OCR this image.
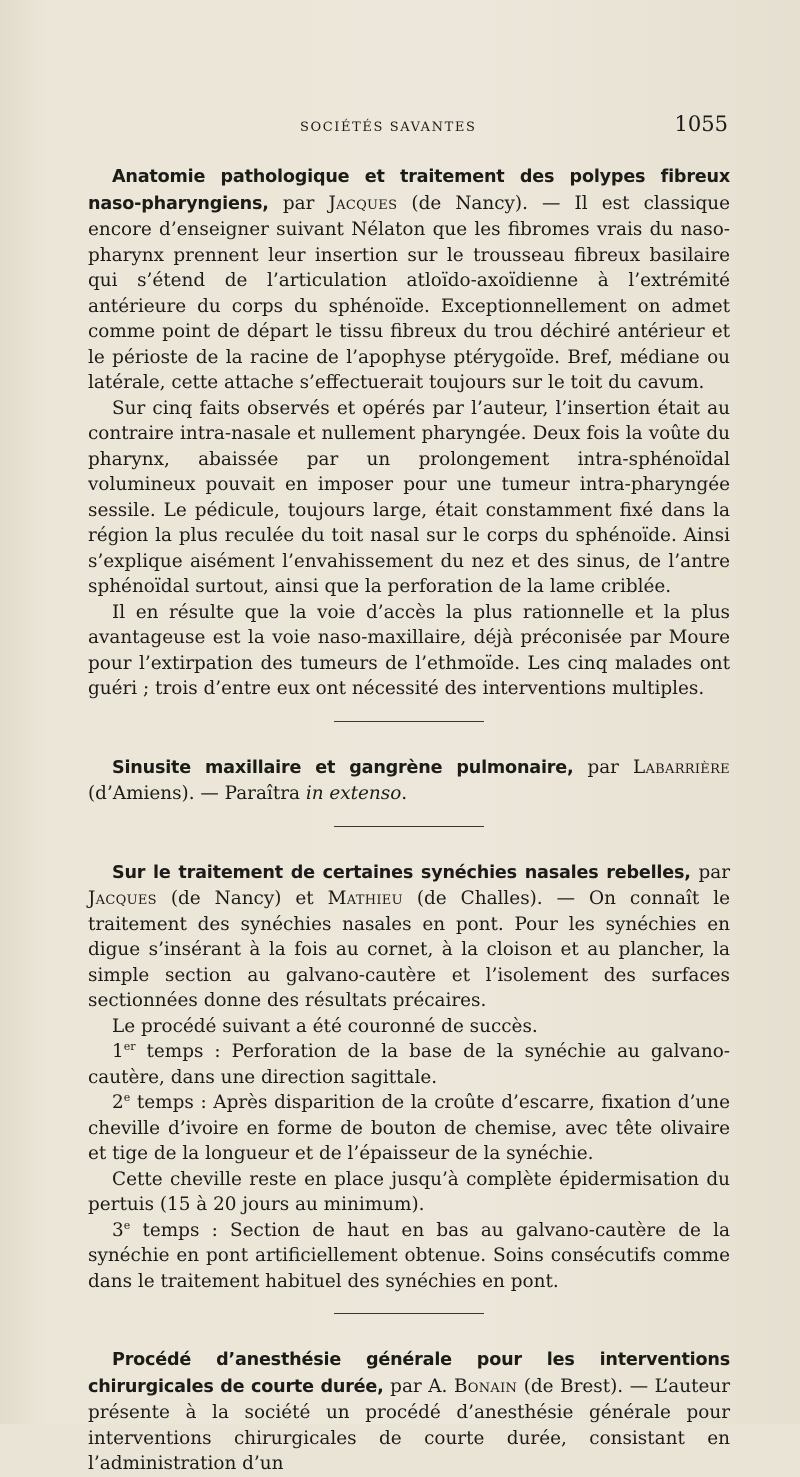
SOCIÉTÉS SAVANTES	1055

Anatomie pathologique et traitement des polypes fibreux naso-pharyngiens, par Jacques (de Nancy). — Il est classique encore d’enseigner suivant Nélaton que les fibromes vrais du naso-pharynx prennent leur insertion sur le trousseau fibreux basilaire qui s’étend de l’articulation atloïdo-axoïdienne à l’extrémité antérieure du corps du sphénoïde. Exceptionnellement on admet comme point de départ le tissu fibreux du trou déchiré antérieur et le périoste de la racine de l’apophyse ptérygoïde. Bref, médiane ou latérale, cette attache s’effectuerait toujours sur le toit du cavum.

Sur cinq faits observés et opérés par l’auteur, l’insertion était au contraire intra-nasale et nullement pharyngée. Deux fois la voûte du pharynx, abaissée par un prolongement intra-sphénoïdal volumineux pouvait en imposer pour une tumeur intra-pharyngée sessile. Le pédicule, toujours large, était constamment fixé dans la région la plus reculée du toit nasal sur le corps du sphénoïde. Ainsi s’explique aisément l’envahissement du nez et des sinus, de l’antre sphénoïdal surtout, ainsi que la perforation de la lame criblée.

Il en résulte que la voie d’accès la plus rationnelle et la plus avantageuse est la voie naso-maxillaire, déjà préconisée par Moure pour l’extirpation des tumeurs de l’ethmoïde. Les cinq malades ont guéri ; trois d’entre eux ont nécessité des interventions multiples.

Sinusite maxillaire et gangrène pulmonaire, par Labarrière (d’Amiens). — Paraîtra in extenso.

Sur le traitement de certaines synéchies nasales rebelles, par Jacques (de Nancy) et Mathieu (de Challes). — On connaît le traitement des synéchies nasales en pont. Pour les synéchies en digue s’insérant à la fois au cornet, à la cloison et au plancher, la simple section au galvano-cautère et l’isolement des surfaces sectionnées donne des résultats précaires.

Le procédé suivant a été couronné de succès.

1er temps : Perforation de la base de la synéchie au galvano-cautère, dans une direction sagittale.

2e temps : Après disparition de la croûte d’escarre, fixation d’une cheville d’ivoire en forme de bouton de chemise, avec tête olivaire et tige de la longueur et de l’épaisseur de la synéchie.

Cette cheville reste en place jusqu’à complète épidermisation du pertuis (15 à 20 jours au minimum).

3e temps : Section de haut en bas au galvano-cautère de la synéchie en pont artificiellement obtenue. Soins consécutifs comme dans le traitement habituel des synéchies en pont.

Procédé d’anesthésie générale pour les interventions chirurgicales de courte durée, par A. Bonain (de Brest). — L’auteur présente à la société un procédé d’anesthésie générale pour interventions chirurgicales de courte durée, consistant en l’administration d’un
